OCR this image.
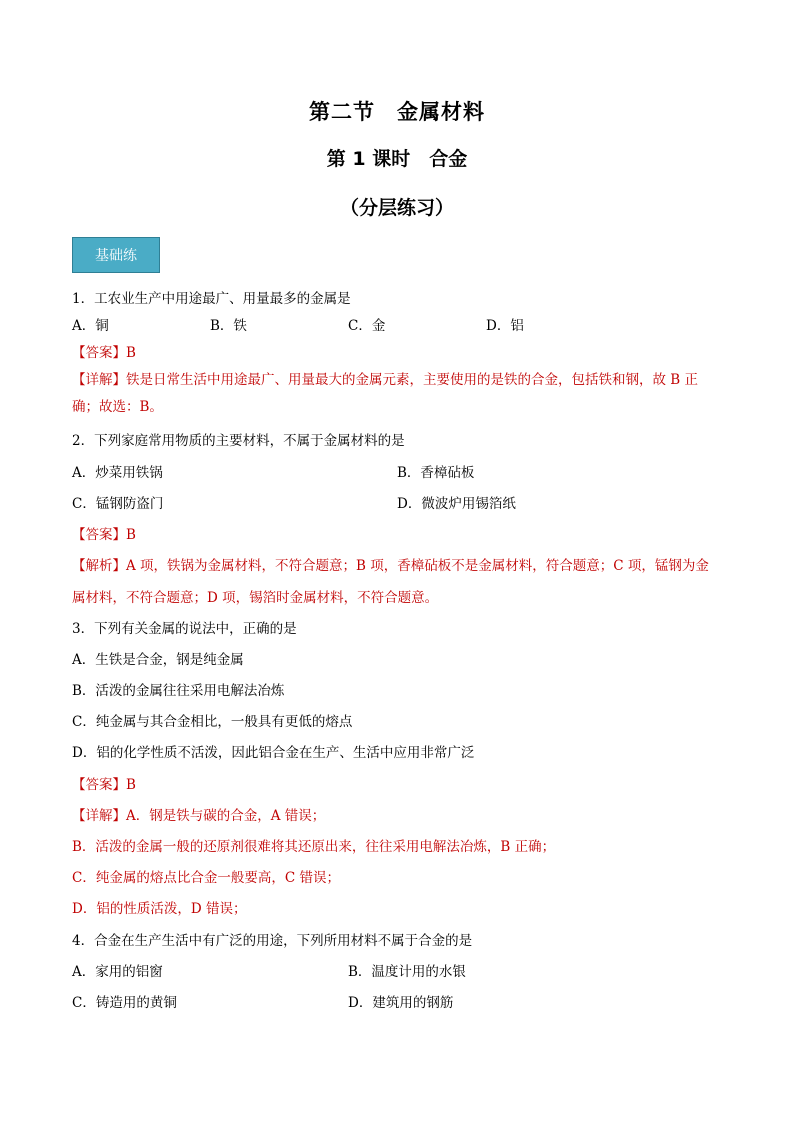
第二节　金属材料
第 1 课时　合金
（分层练习）
基础练
1．工农业生产中用途最广、用量最多的金属是
A．铜	B．铁	C．金	D．铝
【答案】B
【详解】铁是日常生活中用途最广、用量最大的金属元素，主要使用的是铁的合金，包括铁和钢，故 B 正
确；故选：B。
2．下列家庭常用物质的主要材料，不属于金属材料的是
A．炒菜用铁锅	B．香樟砧板
C．锰钢防盗门	D．微波炉用锡箔纸
【答案】B
【解析】A 项，铁锅为金属材料，不符合题意；B 项，香樟砧板不是金属材料，符合题意；C 项，锰钢为金
属材料，不符合题意；D 项，锡箔时金属材料，不符合题意。
3．下列有关金属的说法中，正确的是
A．生铁是合金，钢是纯金属
B．活泼的金属往往采用电解法冶炼
C．纯金属与其合金相比，一般具有更低的熔点
D．铝的化学性质不活泼，因此铝合金在生产、生活中应用非常广泛
【答案】B
【详解】A．钢是铁与碳的合金，A 错误；
B．活泼的金属一般的还原剂很难将其还原出来，往往采用电解法冶炼，B 正确；
C．纯金属的熔点比合金一般要高，C 错误；
D．铝的性质活泼，D 错误；
4．合金在生产生活中有广泛的用途，下列所用材料不属于合金的是
A．家用的铝窗	B．温度计用的水银
C．铸造用的黄铜	D．建筑用的钢筋
